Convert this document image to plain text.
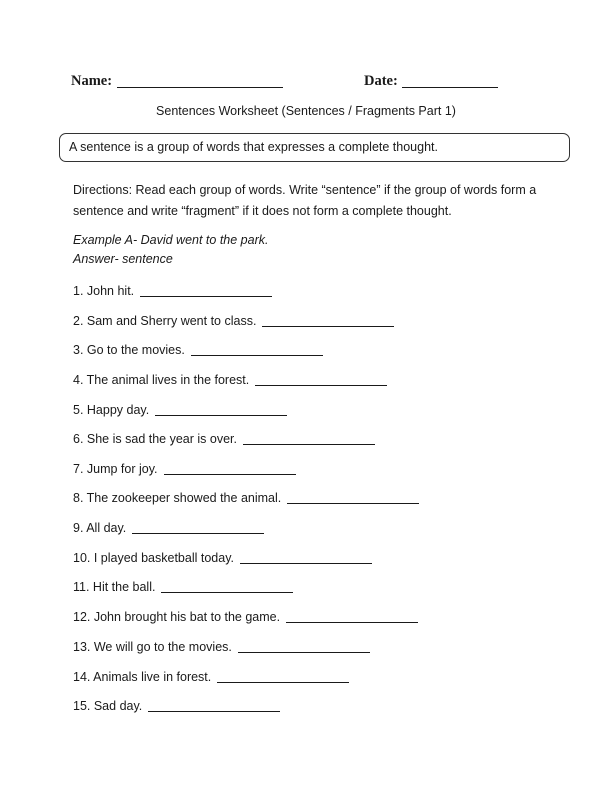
Name:	Date:
Sentences Worksheet (Sentences / Fragments Part 1)
A sentence is a group of words that expresses a complete thought.
Directions: Read each group of words. Write “sentence” if the group of words form a sentence and write “fragment” if it does not form a complete thought.
Example A- David went to the park.
Answer- sentence
1. John hit.
2. Sam and Sherry went to class.
3. Go to the movies.
4. The animal lives in the forest.
5. Happy day.
6. She is sad the year is over.
7. Jump for joy.
8. The zookeeper showed the animal.
9. All day.
10. I played basketball today.
11. Hit the ball.
12. John brought his bat to the game.
13. We will go to the movies.
14. Animals live in forest.
15. Sad day.
